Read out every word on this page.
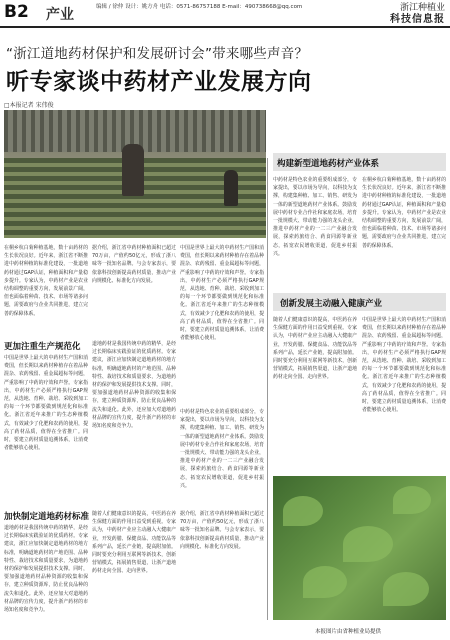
B2 产业	编辑 / 徐仲 设计：姚方舟 电话：0571-86757188 E-mail：490738668@qq.com	浙江种植业
科技信息报
“浙江道地药材保护和发展研讨会”带来哪些声音？
听专家谈中药材产业发展方向
□本报记者 宋伟俊
在桐乡杭白菊种植基地，数十亩药材的生长状况良好。近年来，浙江省不断推进中药材种植的标准化建设，一批道地药材通过GAP认证，种植面积和产量稳步提升。专家认为，中药材产业是农业结构调整的重要方向，发展前景广阔，但也面临着种苗、技术、市场等诸多问题，需要政府与企业共同推进，建立完善的保障体系。
据介绍，浙江省中药材种植面积已超过70万亩，产值约50亿元，形成了浙八味等一批知名品牌。与会专家表示，要依靠科技创新提高药材质量，推动产业向规模化、标准化方向发展。
中国是世界上最大的中药材生产国和消费国，但长期以来药材种植存在着品种混杂、农药残留、重金属超标等问题，严重影响了中药的疗效和声誉。专家指出，中药材生产必须严格执行GAP规范，从选地、育种、栽培、采收到加工的每一个环节都要做到规范化和标准化。浙江省近年来推广的生态种植模式，有效减少了化肥和农药的使用，提高了药材品质，值得在全省推广。同时，要建立药材质量追溯体系，让消费者能够放心使用。
更加注重生产规范化
中国是世界上最大的中药材生产国和消费国，但长期以来药材种植存在着品种混杂、农药残留、重金属超标等问题，严重影响了中药的疗效和声誉。专家指出，中药材生产必须严格执行GAP规范，从选地、育种、栽培、采收到加工的每一个环节都要做到规范化和标准化。浙江省近年来推广的生态种植模式，有效减少了化肥和农药的使用，提高了药材品质，值得在全省推广。同时，要建立药材质量追溯体系，让消费者能够放心使用。
道地药材是我国传统中药的精华，是经过长期临床实践验证的优质药材。专家建议，浙江应加快制定道地药材的地方标准，明确道地药材的产地范围、品种特性、栽培技术和质量要求，为道地药材的保护和发展提供技术支撑。同时，要加强道地药材品种资源的收集和保存，建立种质资源库，防止优良品种的流失和退化。此外，还应加大对道地药材品牌的宣传力度，提升浙产药材的市场知名度和竞争力。
中药材是特色农业的重要组成部分，专家提出，要以市场为导向，以科技为支撑，构建集种植、加工、销售、研发为一体的新型道地药材产业体系。鼓励发展中药材专业合作社和家庭农场，培育一批规模大、带动能力强的龙头企业，推进中药材产业的一二三产业融合发展，探索药旅结合、药食同源等新业态，拓宽农民增收渠道，促进乡村振兴。
加快制定道地药材标准
道地药材是我国传统中药的精华，是经过长期临床实践验证的优质药材。专家建议，浙江应加快制定道地药材的地方标准，明确道地药材的产地范围、品种特性、栽培技术和质量要求，为道地药材的保护和发展提供技术支撑。同时，要加强道地药材品种资源的收集和保存，建立种质资源库，防止优良品种的流失和退化。此外，还应加大对道地药材品牌的宣传力度，提升浙产药材的市场知名度和竞争力。
随着人们健康意识的提高，中医药在养生保健方面的作用日益受到重视。专家认为，中药材产业应主动融入大健康产业，开发药膳、保健食品、功能饮品等系列产品，延长产业链，提高附加值。同时要充分利用互联网等新技术，创新营销模式，拓展销售渠道，让浙产道地药材走向全国、走向世界。
据介绍，浙江省中药材种植面积已超过70万亩，产值约50亿元，形成了浙八味等一批知名品牌。与会专家表示，要依靠科技创新提高药材质量，推动产业向规模化、标准化方向发展。
构建新型道地药材产业体系
中药材是特色农业的重要组成部分，专家提出，要以市场为导向，以科技为支撑，构建集种植、加工、销售、研发为一体的新型道地药材产业体系。鼓励发展中药材专业合作社和家庭农场，培育一批规模大、带动能力强的龙头企业，推进中药材产业的一二三产业融合发展，探索药旅结合、药食同源等新业态，拓宽农民增收渠道，促进乡村振兴。
在桐乡杭白菊种植基地，数十亩药材的生长状况良好。近年来，浙江省不断推进中药材种植的标准化建设，一批道地药材通过GAP认证，种植面积和产量稳步提升。专家认为，中药材产业是农业结构调整的重要方向，发展前景广阔，但也面临着种苗、技术、市场等诸多问题，需要政府与企业共同推进，建立完善的保障体系。
创新发展主动融入健康产业
随着人们健康意识的提高，中医药在养生保健方面的作用日益受到重视。专家认为，中药材产业应主动融入大健康产业，开发药膳、保健食品、功能饮品等系列产品，延长产业链，提高附加值。同时要充分利用互联网等新技术，创新营销模式，拓展销售渠道，让浙产道地药材走向全国、走向世界。
中国是世界上最大的中药材生产国和消费国，但长期以来药材种植存在着品种混杂、农药残留、重金属超标等问题，严重影响了中药的疗效和声誉。专家指出，中药材生产必须严格执行GAP规范，从选地、育种、栽培、采收到加工的每一个环节都要做到规范化和标准化。浙江省近年来推广的生态种植模式，有效减少了化肥和农药的使用，提高了药材品质，值得在全省推广。同时，要建立药材质量追溯体系，让消费者能够放心使用。
本报图片由省种植业局提供
